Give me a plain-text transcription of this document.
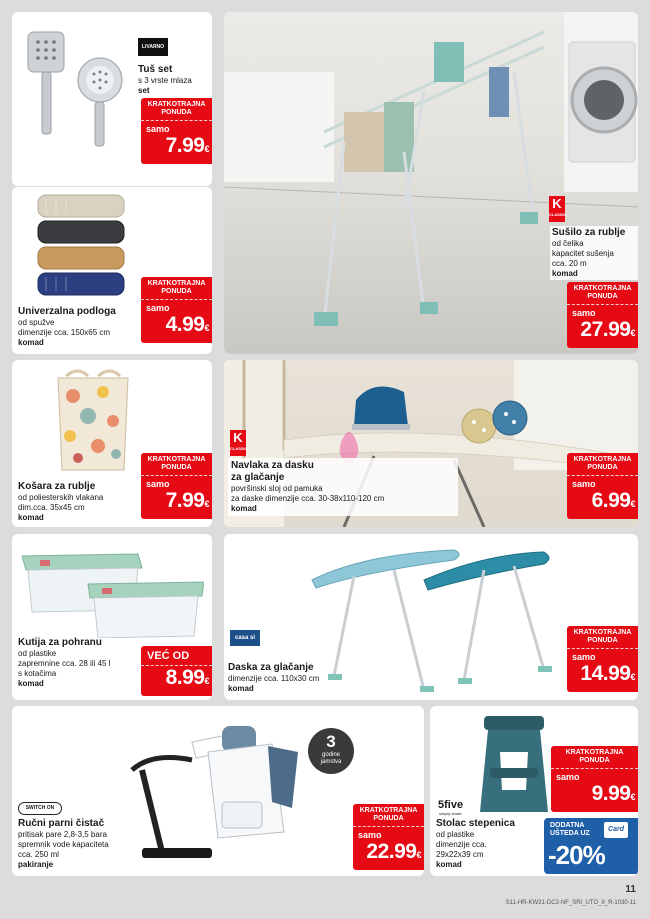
LIVARNO
Tuš set
s 3 vrste mlaza
set
KRATKOTRAJNA PONUDA
samo
7.99€
K
CLASSIC
Sušilo za rublje
od čelika
kapacitet sušenja
cca. 20 m
komad
KRATKOTRAJNA PONUDA
samo
27.99€
Univerzalna podloga
od spužve
dimenzije cca. 150x65 cm
komad
KRATKOTRAJNA PONUDA
samo
4.99€
Košara za rublje
od poliesterskih vlakana
dim.cca. 35x45 cm
komad
KRATKOTRAJNA PONUDA
samo
7.99€
K
CLASSIC
Navlaka za dasku
za glačanje
površinski sloj od pamuka
za daske dimenzije cca. 30-38x110-120 cm
komad
KRATKOTRAJNA PONUDA
samo
6.99€
Kutija za pohranu
od plastike
zapremnine cca. 28 ili 45 l
s kotačima
komad
VEĆ OD
8.99€
casa si
Daska za glačanje
dimenzije cca. 110x30 cm
komad
KRATKOTRAJNA PONUDA
samo
14.99€
3
godine
jamstva
SWITCH ON
Ručni parni čistač
pritisak pare 2,8-3,5 bara
spremnik vode kapaciteta
cca. 250 ml
pakiranje
KRATKOTRAJNA PONUDA
samo
22.99€
5five
simply smart
Stolac stepenica
od plastike
dimenzije cca.
29x22x39 cm
komad
KRATKOTRAJNA PONUDA
samo
9.99€
DODATNA
UŠTEDA UZ
Card
-20%
11
S11-HR-KW31-DC2-NF_SRI_UTO_II_R-1030-11
